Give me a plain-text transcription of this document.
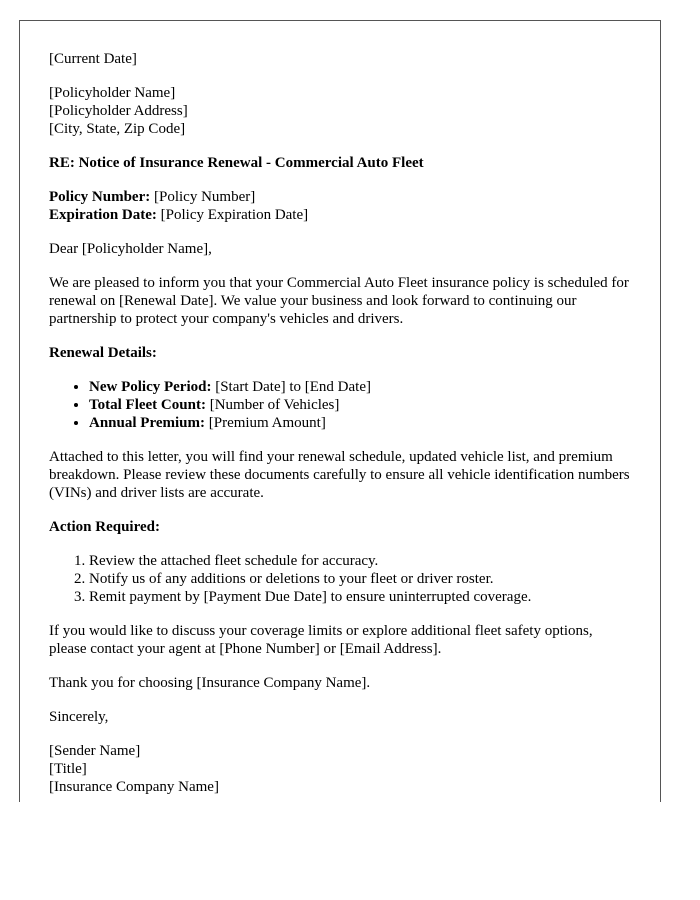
[Current Date]

[Policyholder Name]
[Policyholder Address]
[City, State, Zip Code]

RE: Notice of Insurance Renewal - Commercial Auto Fleet

Policy Number: [Policy Number]
Expiration Date: [Policy Expiration Date]

Dear [Policyholder Name],

We are pleased to inform you that your Commercial Auto Fleet insurance policy is scheduled for renewal on [Renewal Date]. We value your business and look forward to continuing our partnership to protect your company's vehicles and drivers.

Renewal Details:

• New Policy Period: [Start Date] to [End Date]
• Total Fleet Count: [Number of Vehicles]
• Annual Premium: [Premium Amount]

Attached to this letter, you will find your renewal schedule, updated vehicle list, and premium breakdown. Please review these documents carefully to ensure all vehicle identification numbers (VINs) and driver lists are accurate.

Action Required:

1. Review the attached fleet schedule for accuracy.
2. Notify us of any additions or deletions to your fleet or driver roster.
3. Remit payment by [Payment Due Date] to ensure uninterrupted coverage.

If you would like to discuss your coverage limits or explore additional fleet safety options, please contact your agent at [Phone Number] or [Email Address].

Thank you for choosing [Insurance Company Name].

Sincerely,

[Sender Name]
[Title]
[Insurance Company Name]
